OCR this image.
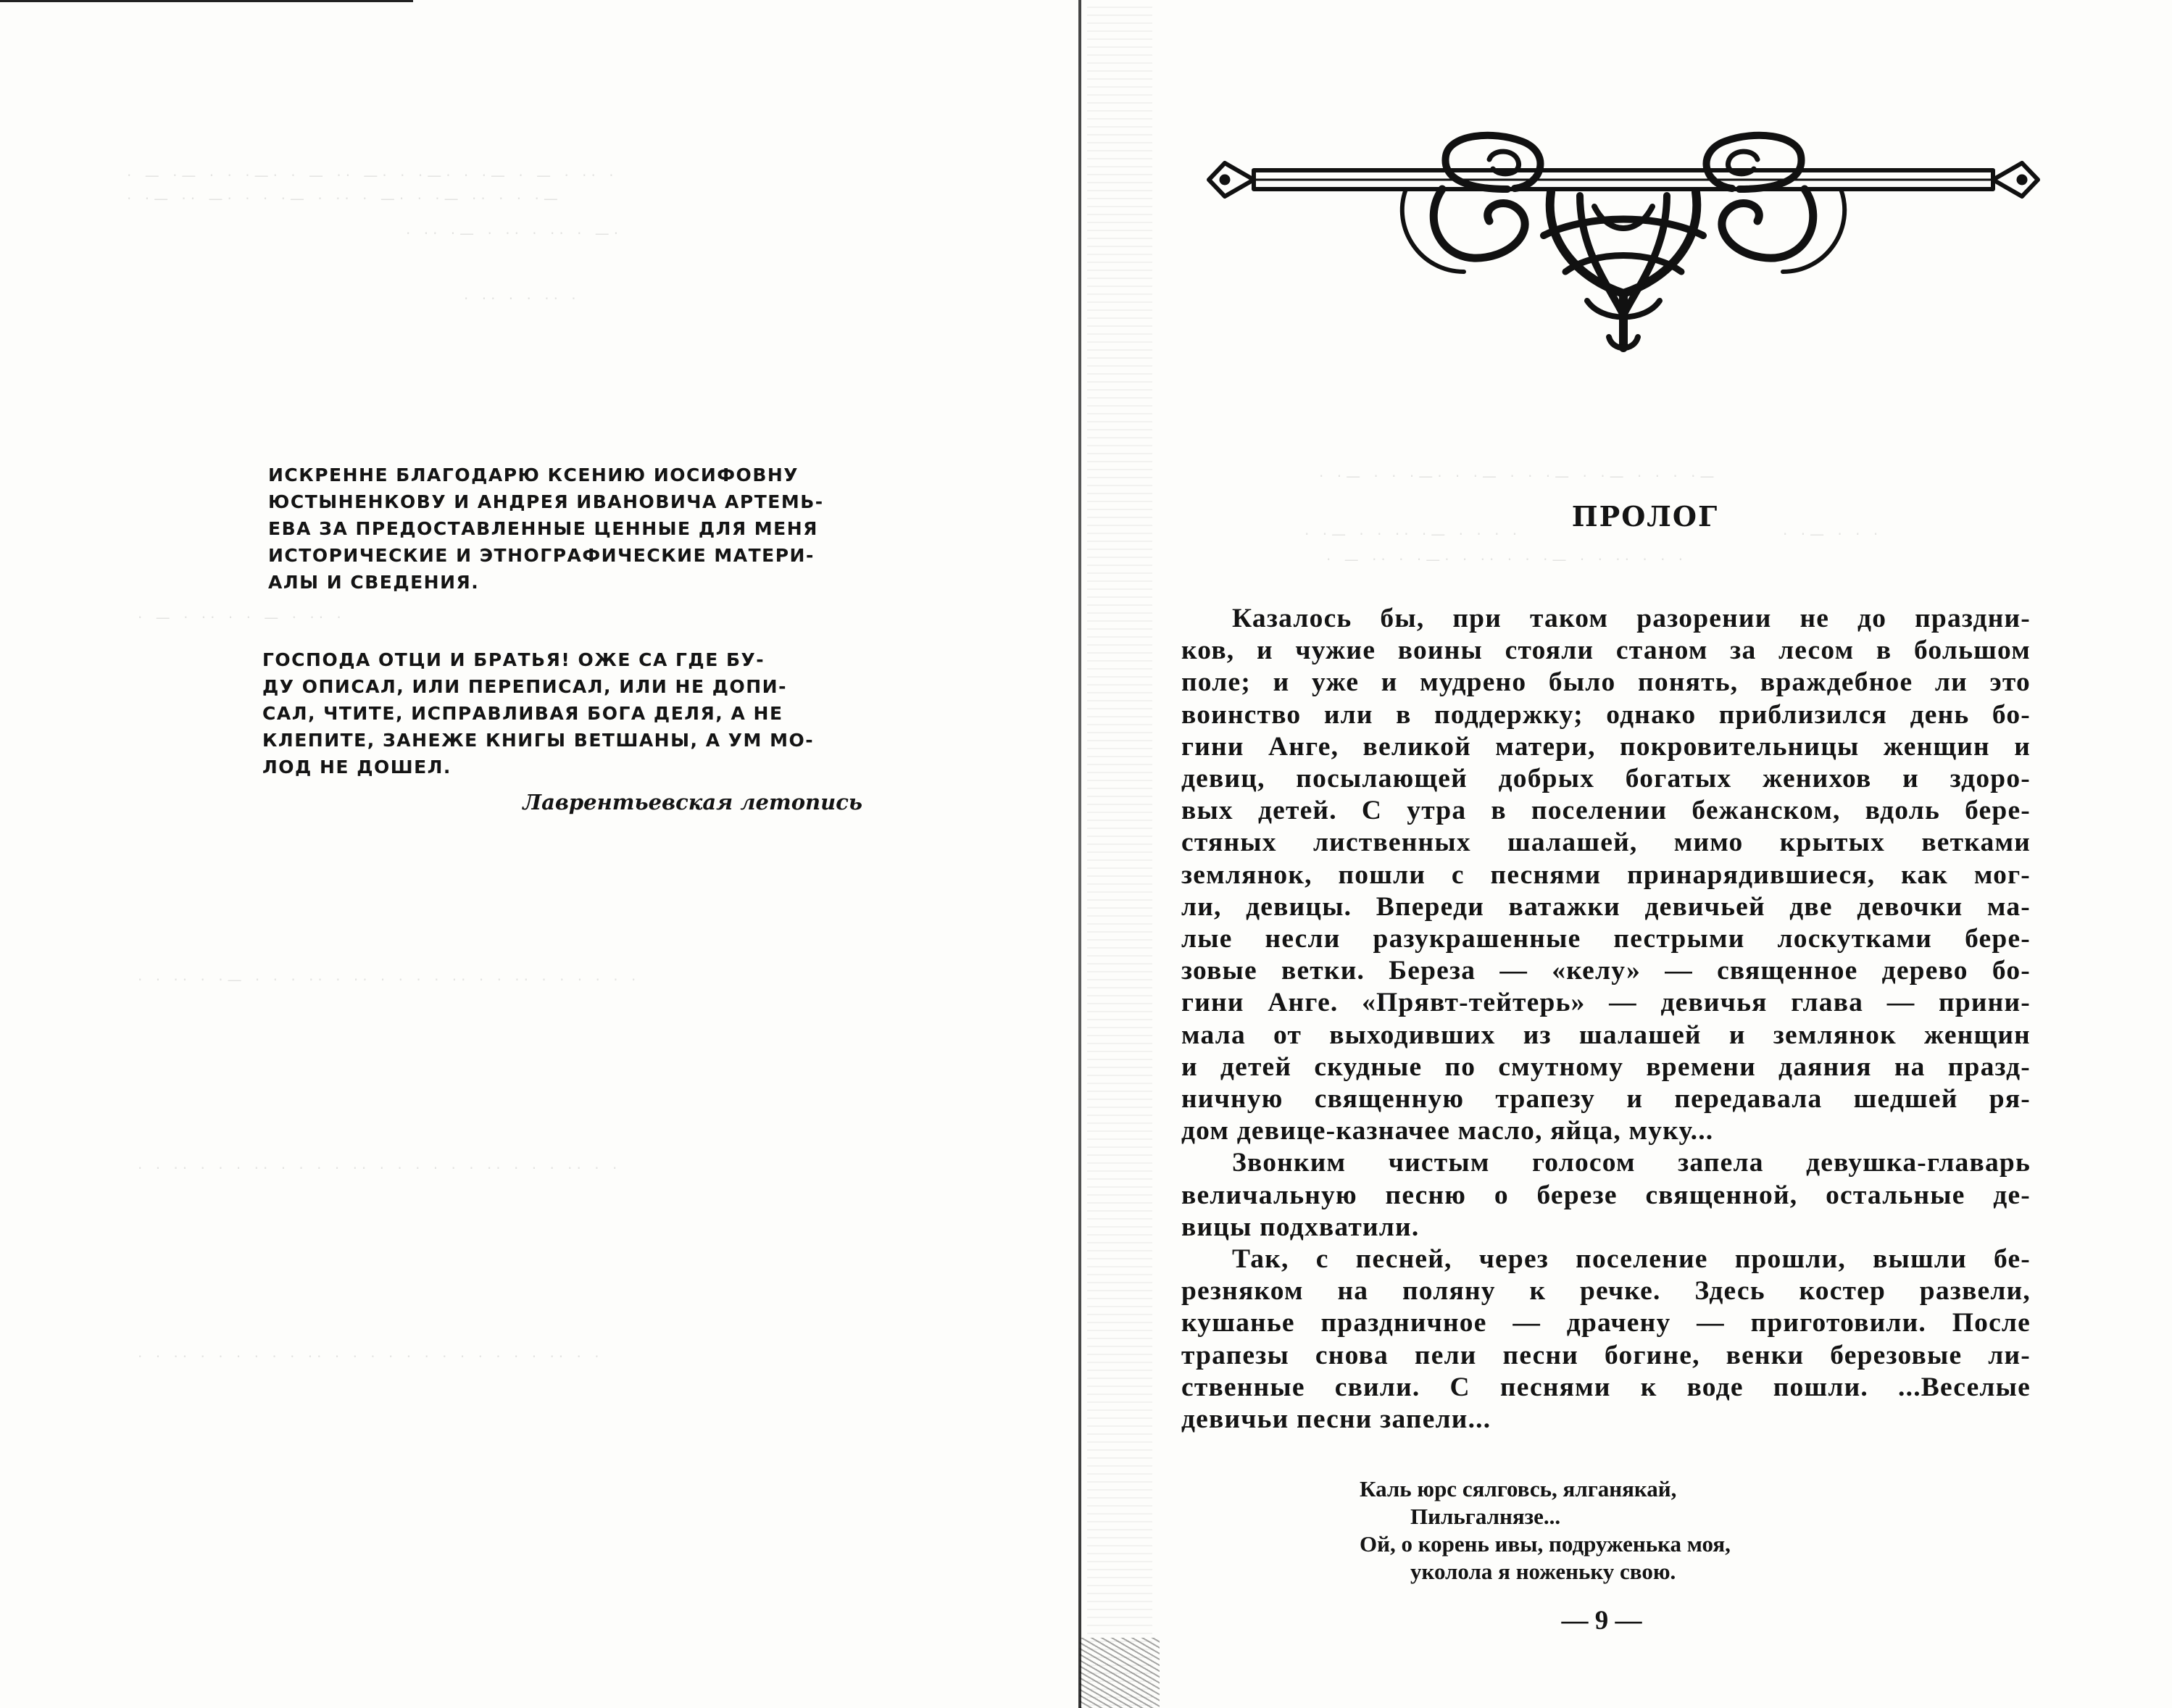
· — ·— · · ·—· · — ·· —· · ·—· · ·— · — · ·· ·
· ·— ·· —· · · ·— · ·· · —· · ·— ·· · · ·—
· ·· ·— · ·· · ·· · —·
· ·· · · ·· ·
· — · ·· · · — · ·· ·
· · ·· · ·— · · · ·· · ·· · · · · ·· · · ·· · · · · · ·
· · ·· · · · ·· · · · · ·· · · · · · · ·· · · · ·· · ·
· · ·· · · · · · · ·· · · · · · · · · · · · · ·· · ·
ИСКРЕННЕ БЛАГОДАРЮ КСЕНИЮ ИОСИФОВНУ
ЮСТЫНЕНКОВУ И АНДРЕЯ ИВАНОВИЧА АРТЕМЬ-
ЕВА ЗА ПРЕДОСТАВЛЕННЫЕ ЦЕННЫЕ ДЛЯ МЕНЯ
ИСТОРИЧЕСКИЕ И ЭТНОГРАФИЧЕСКИЕ МАТЕРИ-
АЛЫ И СВЕДЕНИЯ.
ГОСПОДА ОТЦИ И БРАТЬЯ! ОЖЕ СА ГДЕ БУ-
ДУ ОПИСАЛ, ИЛИ ПЕРЕПИСАЛ, ИЛИ НЕ ДОПИ-
САЛ, ЧТИТЕ, ИСПРАВЛИВАЯ БОГА ДЕЛЯ, А НЕ
КЛЕПИТЕ, ЗАНЕЖЕ КНИГЫ ВЕТШАНЫ, А УМ МО-
ЛОД НЕ ДОШЕЛ.
Лаврентьевская летопись
· ·— · · ·—· · ·— · · ·— · ·— · · · ·—
· ·— · · ·· ·— · · · ·	· ·— · · ·
· — ·· · ·—· · ·· · · ·— · · ·· · · ·
ПРОЛОГ
Казалось бы, при таком разорении не до праздни-
ков, и чужие воины стояли станом за лесом в большом
поле; и уже и мудрено было понять, враждебное ли это
воинство или в поддержку; однако приблизился день бо-
гини Анге, великой матери, покровительницы женщин и
девиц, посылающей добрых богатых женихов и здоро-
вых детей. С утра в поселении бежанском, вдоль бере-
стяных лиственных шалашей, мимо крытых ветками
землянок, пошли с песнями принарядившиеся, как мог-
ли, девицы. Впереди ватажки девичьей две девочки ма-
лые несли разукрашенные пестрыми лоскутками бере-
зовые ветки. Береза — «келу» — священное дерево бо-
гини Анге. «Прявт-тейтерь» — девичья глава — прини-
мала от выходивших из шалашей и землянок женщин
и детей скудные по смутному времени даяния на празд-
ничную священную трапезу и передавала шедшей ря-
дом девице-казначее масло, яйца, муку...
Звонким чистым голосом запела девушка-главарь
величальную песню о березе священной, остальные де-
вицы подхватили.
Так, с песней, через поселение прошли, вышли бе-
резняком на поляну к речке. Здесь костер развели,
кушанье праздничное — драчену — приготовили. После
трапезы снова пели песни богине, венки березовые ли-
ственные свили. С песнями к воде пошли. ...Веселые
девичьи песни запели...
Каль юрс сялговсь, ялганякай,
Пильгалнязе...
Ой, о корень ивы, подруженька моя,
уколола я ноженьку свою.
— 9 —
